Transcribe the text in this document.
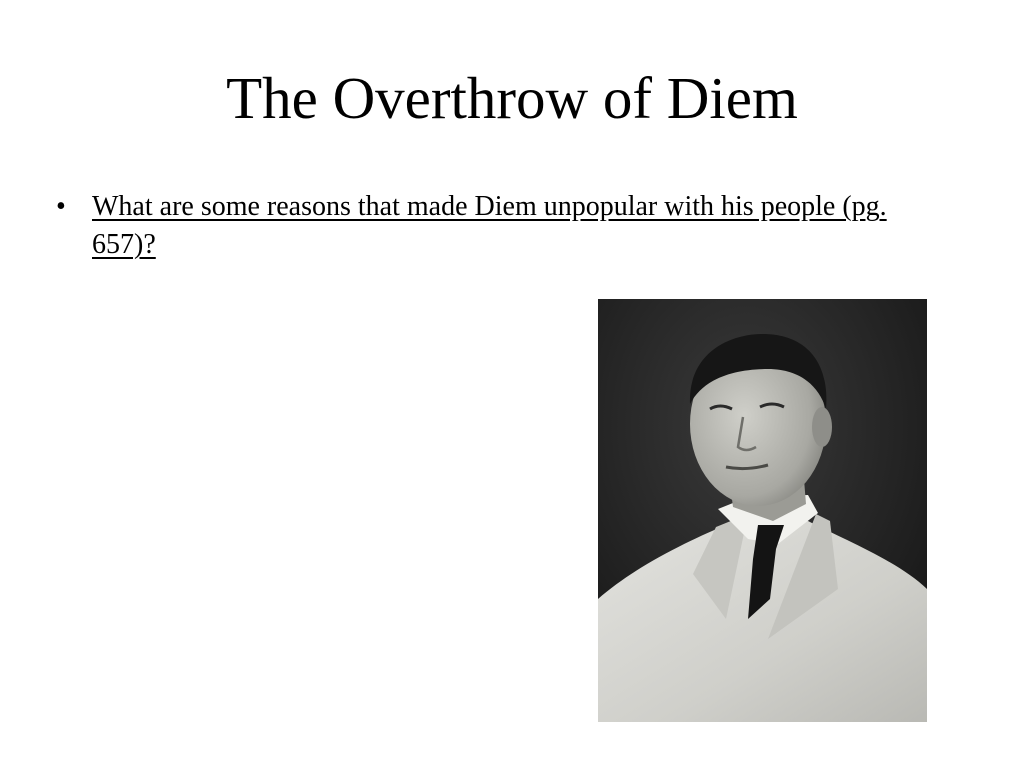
The Overthrow of Diem
• What are some reasons that made Diem unpopular with his people (pg. 657)?
